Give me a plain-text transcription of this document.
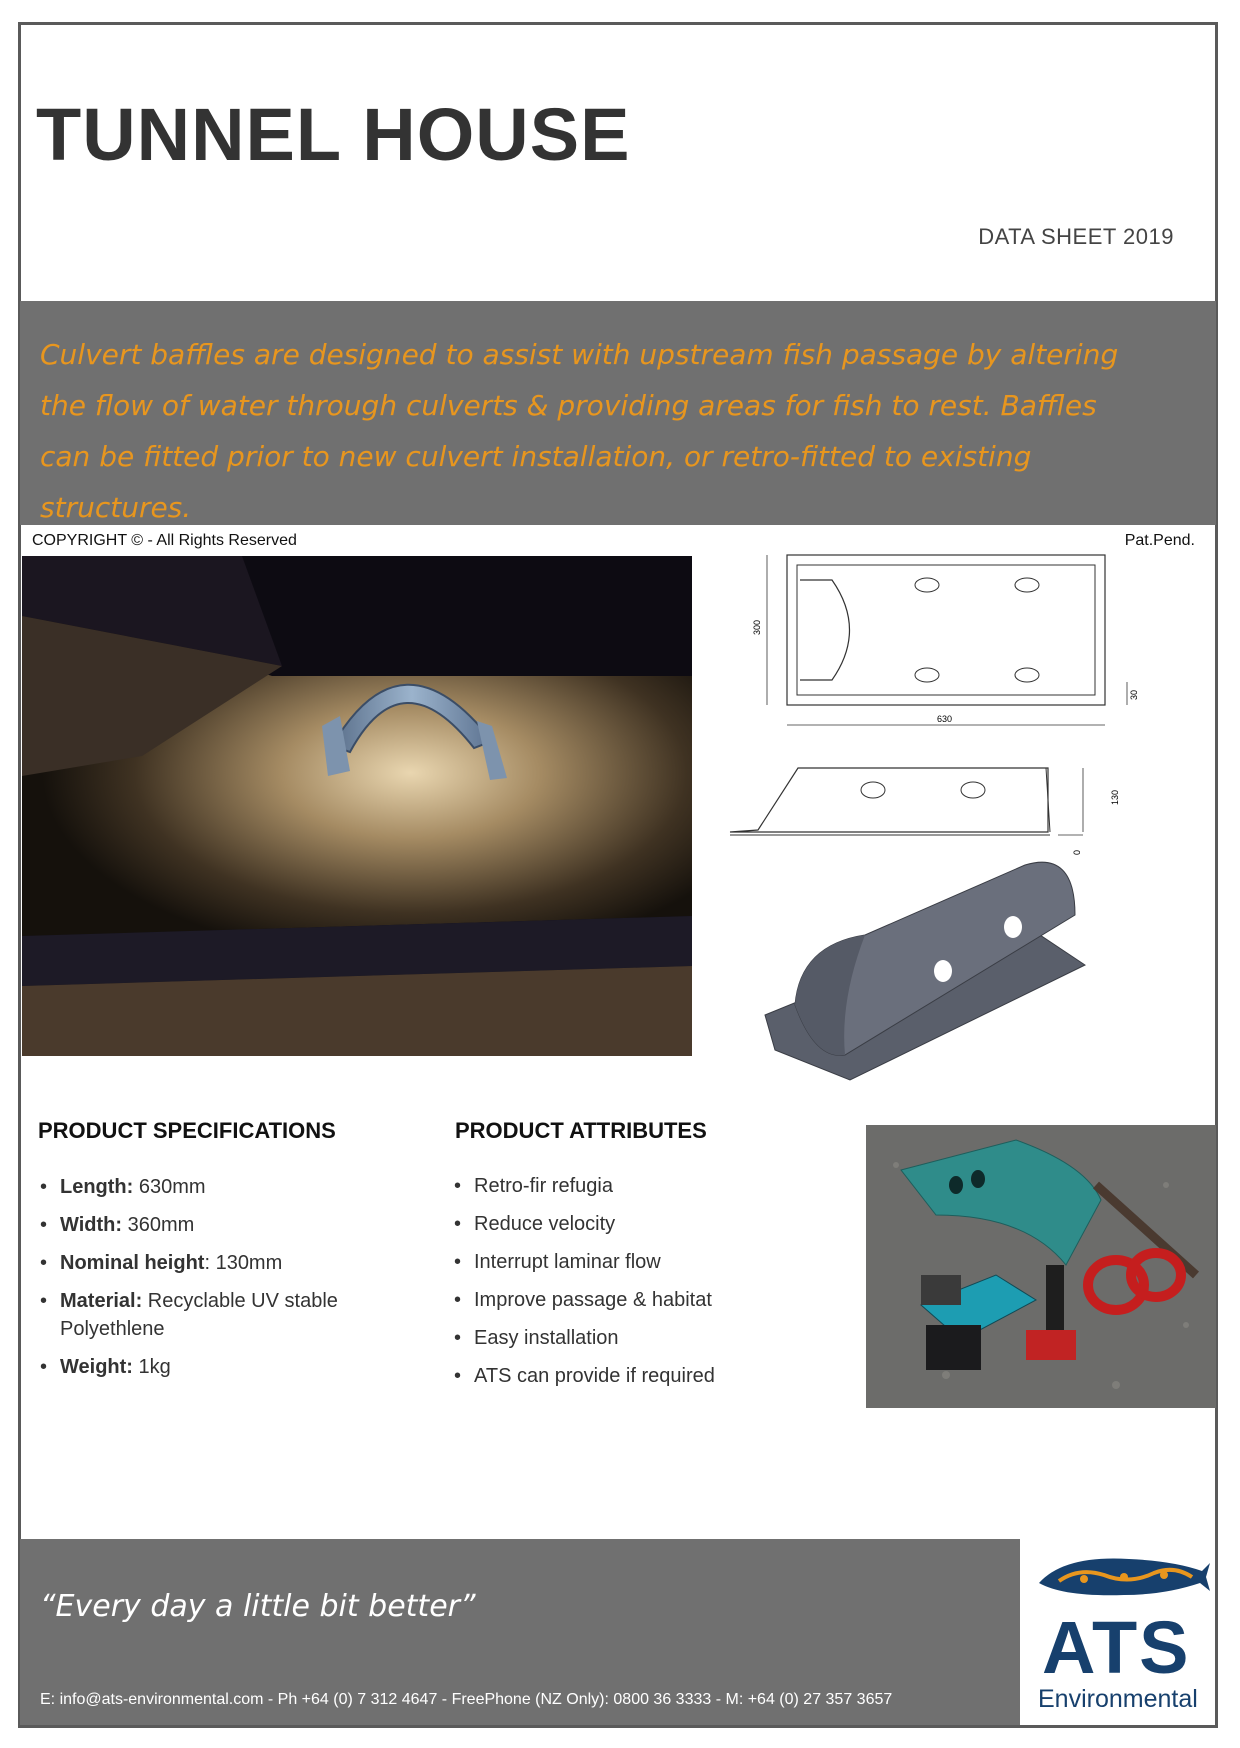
TUNNEL HOUSE
DATA SHEET 2019

Culvert baffles are designed to assist with upstream fish passage by altering the flow of water through culverts & providing areas for fish to rest. Baffles can be fitted prior to new culvert installation, or retro-fitted to existing structures.

COPYRIGHT © - All Rights Reserved	Pat.Pend.
300
630
30
130
0
PRODUCT SPECIFICATIONS
• Length: 630mm
• Width: 360mm
• Nominal height: 130mm
• Material: Recyclable UV stable Polyethlene
• Weight: 1kg
PRODUCT ATTRIBUTES
• Retro-fir refugia
• Reduce velocity
• Interrupt laminar flow
• Improve passage & habitat
• Easy installation
• ATS can provide if required

“Every day a little bit better”

E: info@ats-environmental.com - Ph +64 (0) 7 312 4647 - FreePhone (NZ Only): 0800 36 3333 - M: +64 (0) 27 357 3657
ATS
Environmental
